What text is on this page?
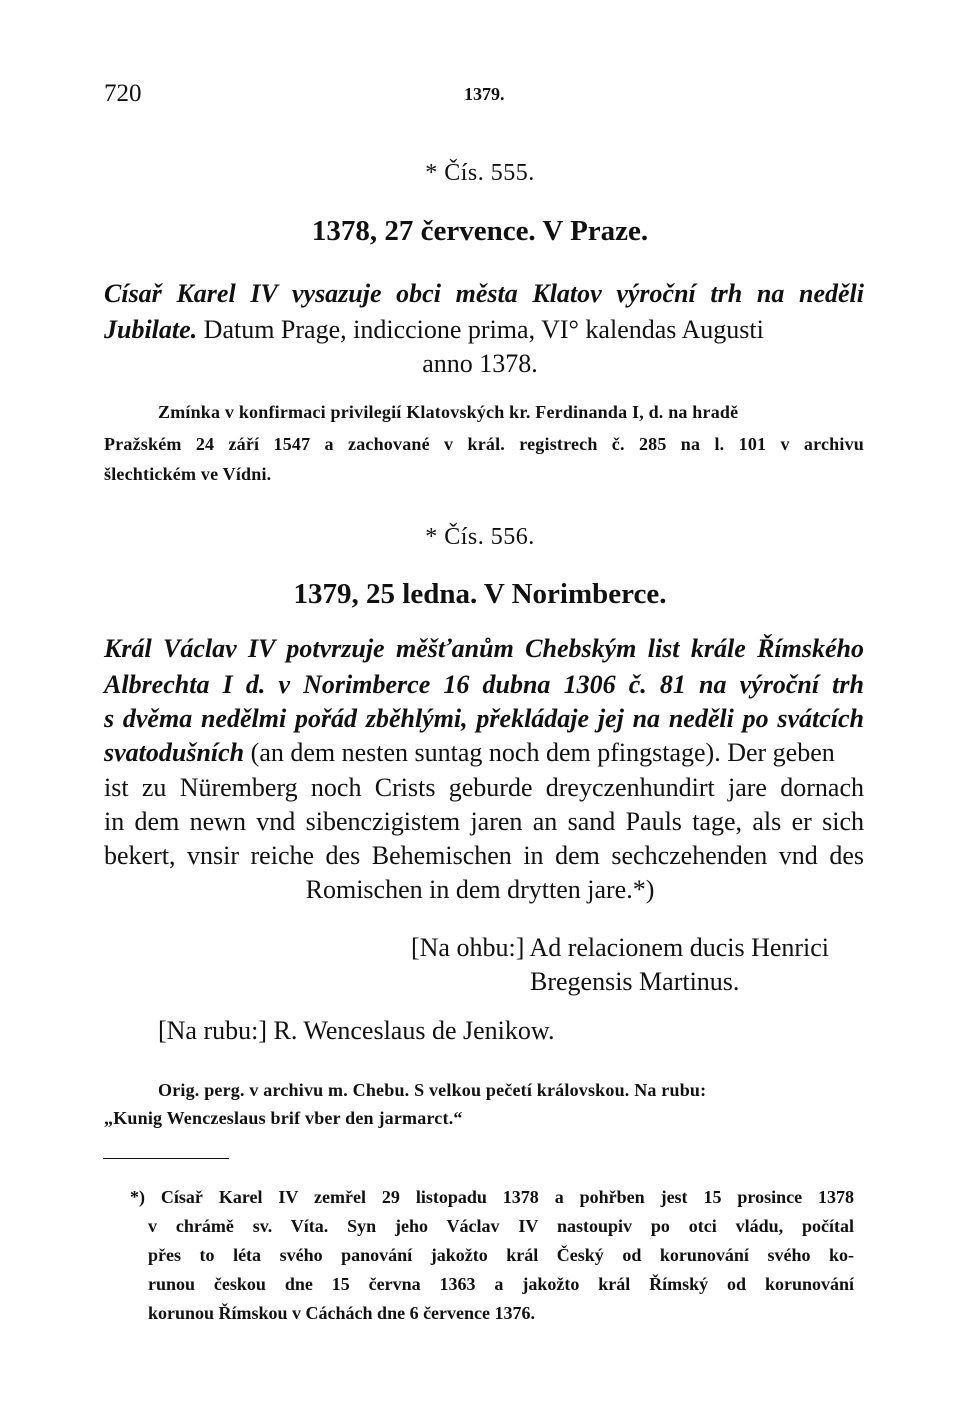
720	1379.
* Čís. 555.
1378, 27 července. V Praze.
Císař Karel IV vysazuje obci města Klatov výroční trh na neděli
Jubilate. Datum Prage, indiccione prima, VI° kalendas Augusti
anno 1378.
Zmínka v konfirmaci privilegií Klatovských kr. Ferdinanda I, d. na hradě
Pražském 24 září 1547 a zachované v král. registrech č. 285 na l. 101 v archivu
šlechtickém ve Vídni.
* Čís. 556.
1379, 25 ledna. V Norimberce.
Král Václav IV potvrzuje měšťanům Chebským list krále Římského
Albrechta I d. v Norimberce 16 dubna 1306 č. 81 na výroční trh
s dvěma nedělmi pořád zběhlými, překládaje jej na neděli po svátcích
svatodušních (an dem nesten suntag noch dem pfingstage). Der geben
ist zu Nüremberg noch Crists geburde dreyczenhundirt jare dornach
in dem newn vnd sibenczigistem jaren an sand Pauls tage, als er sich
bekert, vnsir reiche des Behemischen in dem sechczehenden vnd des
Romischen in dem drytten jare.*)
[Na ohbu:] Ad relacionem ducis Henrici
Bregensis Martinus.
[Na rubu:] R. Wenceslaus de Jenikow.
Orig. perg. v archivu m. Chebu. S velkou pečetí královskou. Na rubu:
„Kunig Wenczeslaus brif vber den jarmarct.“
*) Císař Karel IV zemřel 29 listopadu 1378 a pohřben jest 15 prosince 1378
v chrámě sv. Víta. Syn jeho Václav IV nastoupiv po otci vládu, počítal
přes to léta svého panování jakožto král Český od korunování svého ko-
runou českou dne 15 června 1363 a jakožto král Římský od korunování
korunou Římskou v Cáchách dne 6 července 1376.
